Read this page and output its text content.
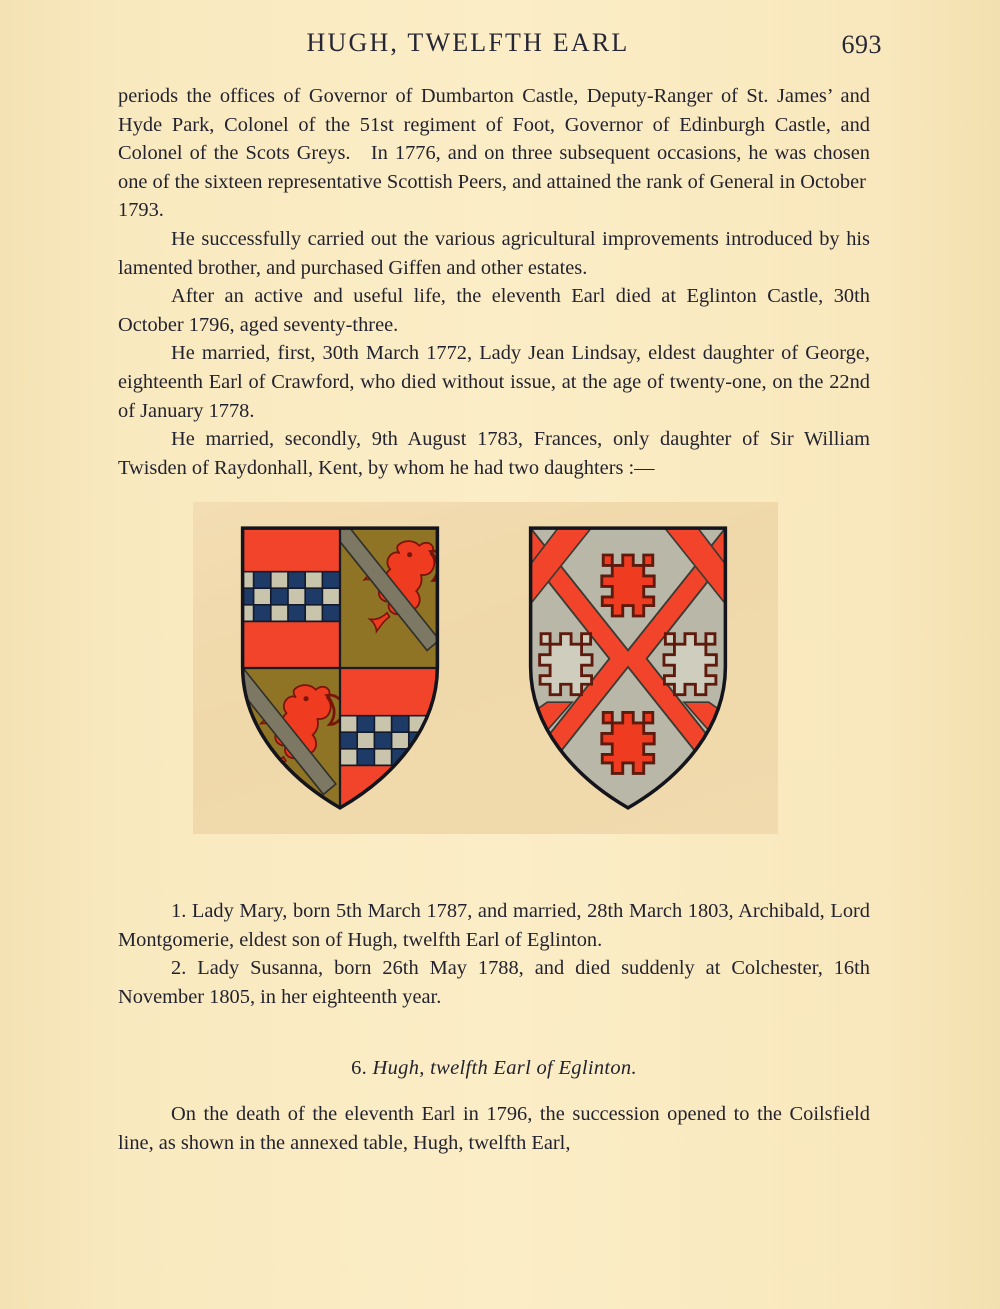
HUGH, TWELFTH EARL	693

periods the offices of Governor of Dumbarton Castle, Deputy-Ranger of St. James’ and Hyde Park, Colonel of the 51st regiment of Foot, Governor of Edinburgh Castle, and Colonel of the Scots Greys. In 1776, and on three subsequent occasions, he was chosen one of the sixteen representative Scottish Peers, and attained the rank of General in October

1793.

He successfully carried out the various agricultural improvements introduced by his lamented brother, and purchased Giffen and other estates.

After an active and useful life, the eleventh Earl died at Eglinton Castle, 30th October 1796, aged seventy-three.

He married, first, 30th March 1772, Lady Jean Lindsay, eldest daughter of George, eighteenth Earl of Crawford, who died without issue, at the age of twenty-one, on the 22nd of January 1778.

He married, secondly, 9th August 1783, Frances, only daughter of Sir William Twisden of Raydonhall, Kent, by whom he had two daughters :—

1. Lady Mary, born 5th March 1787, and married, 28th March 1803, Archibald, Lord Montgomerie, eldest son of Hugh, twelfth Earl of Eglinton.

2. Lady Susanna, born 26th May 1788, and died suddenly at Colchester, 16th November 1805, in her eighteenth year.

6. Hugh, twelfth Earl of Eglinton.

On the death of the eleventh Earl in 1796, the succession opened to the Coilsfield line, as shown in the annexed table, Hugh, twelfth Earl,
